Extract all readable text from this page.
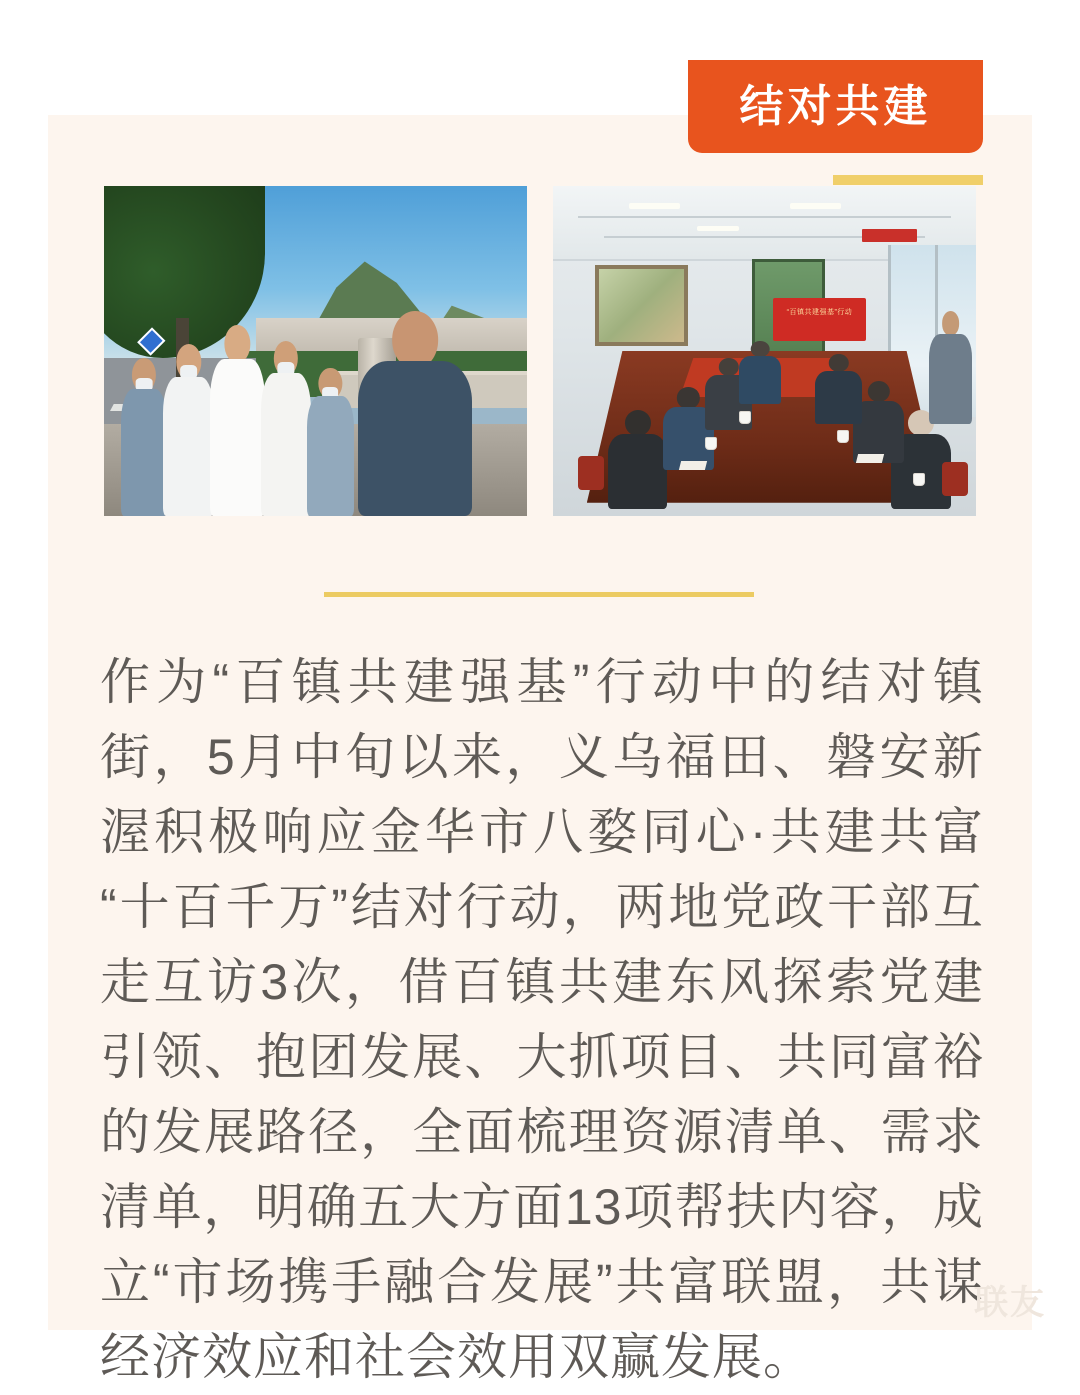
结对共建
“百镇共建强基”行动
作为“百镇共建强基”行动中的结对镇街，5月中旬以来，义乌福田、磐安新渥积极响应金华市八婺同心·共建共富“十百千万”结对行动，两地党政干部互走互访3次，借百镇共建东风探索党建引领、抱团发展、大抓项目、共同富裕的发展路径，全面梳理资源清单、需求清单，明确五大方面13项帮扶内容，成立“市场携手融合发展”共富联盟，共谋经济效应和社会效用双赢发展。
联友
